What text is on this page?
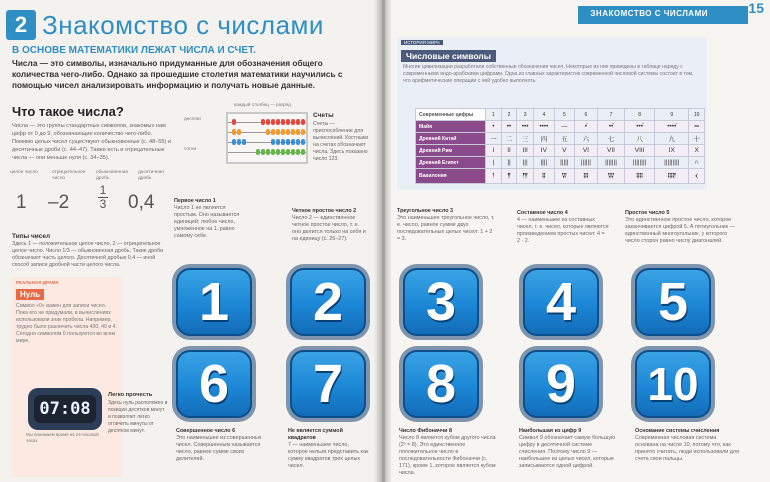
2 Знакомство с числами
В ОСНОВЕ МАТЕМАТИКИ ЛЕЖАТ ЧИСЛА И СЧЕТ.
Числа — это символы, изначально придуманные для обозначения общего количества чего-либо. Однако за прошедшие столетия математики научились с помощью чисел анализировать информацию и получать новые данные.
Что такое числа?
Числа — это группы стандартных символов, знакомых нам цифр от 0 до 9, обозначающие количество чего-либо. Помимо целых чисел существуют обыкновенные (с. 48–55) и десятичные дроби (с. 44–47). Также есть и отрицательные числа — они меньше нуля (с. 34–35).
каждый столбец — разряд
десятки
сотни
Счеты
Счеты — приспособление для вычислений. Костяшки на счетах обозначают числа. Здесь показано число 123.
целое число	отрицательное число
обыкновенная дробь
десятичная дробь
1 –2
1
3 0,4
Типы чисел
Здесь 1 — положительное целое число, 2 — отрицательное целое число. Число 1/3 — обыкновенная дробь. Такие дроби обозначают часть целого. Десятичной дробью 0,4 — иной способ записи дробной части целого числа.
РЕАЛЬНАЯ ДРАМА
Нуль
Символ «0» важен для записи чисел. Пока его не придумали, в вычислениях использовали знак пробела. Например, трудно было различить числа 400, 40 и 4. Сегодня символом 0 пользуются во всем мире.
07:08
Мы понимаем время на 24-часовой часах
Легко прочесть
Здесь нуль расположен в позиции десятков минут и позволяет легко отличить минуты от десятков минут.
Первое число 1
Число 1 не является простым. Оно называется единицей; любое число, умноженное на 1, равно самому себе.
Четное простое число 2
Число 2 — единственное четное простое число, т. е. оно делится только на себя и на единицу (с. 26–27).
1 2
6 7
Совершенное число 6
Это наименьшее из совершенных чисел. Совершенным называется число, равное сумме своих делителей.
Не является суммой квадратов
7 — наименьшее число, которое нельзя представить как сумму квадратов трех целых чисел.
ЗНАКОМСТВО С ЧИСЛАМИ	15
ИСТОРИЯ МИРА
Числовые символы
Многие цивилизации разработали собственные обозначения чисел. Некоторые из них приведены в таблице наряду с современными индо-арабскими цифрами. Одна из главных характеристик современной числовой системы состоит в том, что арифметические операции с ней удобно выполнять.
Современные цифры	1	2	3	4	5	6	7	8	9	10
Майя	•	••	•••	••••	—	•̄	••̄	•••̄	••••̄	═
Древний Китай	一	二	三	四	五	六	七	八	九	十
Древний Рим	I	II	III	IV	V	VI	VII	VIII	IX	X
Древний Египет	|	||	|||	||||	|||||	||||||	|||||||	||||||||	|||||||||	∩
Вавилония	𒁹	𒈫	𒐈	𒐉	𒐊	𒐋	𒐌	𒐍	𒐎	𒌋
Треугольное число 3
Это наименьшее треугольное число, т. е. число, равное сумме двух последовательных целых чисел: 1 + 2 = 3.
Составное число 4
4 — наименьшее из составных чисел, т. е. чисел, которые являются произведением простых чисел: 4 = 2 · 2.
Простое число 5
Это единственное простое число, которое заканчивается цифрой 5. А пятиугольник — единственный многоугольник, у которого число сторон равно числу диагоналей.
3 4 5
8 9 10
Число Фибоначчи 8
Число 8 является кубом другого числа (2³ = 8). Это единственное положительное число в последовательности Фибоначчи (с. 171), кроме 1, которое является кубом числа.
Наибольшая из цифр 9
Символ 9 обозначает самую большую цифру в десятичной системе счисления. Поэтому число 9 — наибольшее из целых чисел, которые записываются одной цифрой.
Основание системы счисления
Современная числовая система основана на числе 10, потому что, как принято считать, люди использовали для счета свои пальцы.
